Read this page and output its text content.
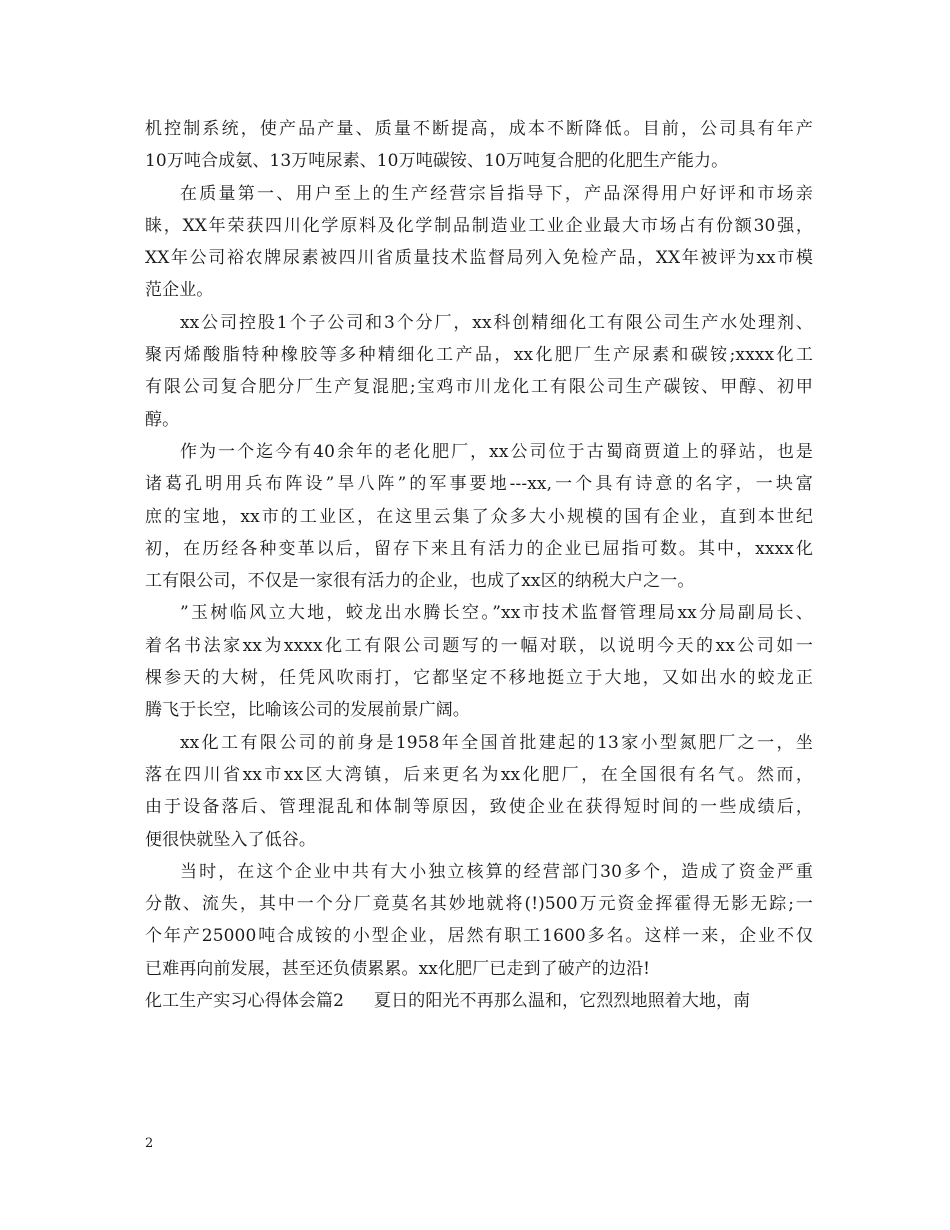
机控制系统，使产品产量、质量不断提高，成本不断降低。目前，公司具有年产
10万吨合成氨、13万吨尿素、10万吨碳铵、10万吨复合肥的化肥生产能力。
在质量第一、用户至上的生产经营宗旨指导下，产品深得用户好评和市场亲
睐，XX年荣获四川化学原料及化学制品制造业工业企业最大市场占有份额30强，
XX年公司裕农牌尿素被四川省质量技术监督局列入免检产品，XX年被评为xx市模
范企业。
xx公司控股1个子公司和3个分厂，xx科创精细化工有限公司生产水处理剂、
聚丙烯酸脂特种橡胶等多种精细化工产品，xx化肥厂生产尿素和碳铵;xxxx化工
有限公司复合肥分厂生产复混肥;宝鸡市川龙化工有限公司生产碳铵、甲醇、初甲
醇。
作为一个迄今有40余年的老化肥厂，xx公司位于古蜀商贾道上的驿站，也是
诸葛孔明用兵布阵设”旱八阵”的军事要地---xx,一个具有诗意的名字，一块富
庶的宝地，xx市的工业区，在这里云集了众多大小规模的国有企业，直到本世纪
初，在历经各种变革以后，留存下来且有活力的企业已屈指可数。其中，xxxx化
工有限公司，不仅是一家很有活力的企业，也成了xx区的纳税大户之一。
”玉树临风立大地，蛟龙出水腾长空。”xx市技术监督管理局xx分局副局长、
着名书法家xx为xxxx化工有限公司题写的一幅对联，以说明今天的xx公司如一
棵参天的大树，任凭风吹雨打，它都坚定不移地挺立于大地，又如出水的蛟龙正
腾飞于长空，比喻该公司的发展前景广阔。
xx化工有限公司的前身是1958年全国首批建起的13家小型氮肥厂之一，坐
落在四川省xx市xx区大湾镇，后来更名为xx化肥厂，在全国很有名气。然而，
由于设备落后、管理混乱和体制等原因，致使企业在获得短时间的一些成绩后，
便很快就坠入了低谷。
当时，在这个企业中共有大小独立核算的经营部门30多个，造成了资金严重
分散、流失，其中一个分厂竟莫名其妙地就将(!)500万元资金挥霍得无影无踪;一
个年产25000吨合成铵的小型企业，居然有职工1600多名。这样一来，企业不仅
已难再向前发展，甚至还负债累累。xx化肥厂已走到了破产的边沿!
化工生产实习心得体会篇2 夏日的阳光不再那么温和，它烈烈地照着大地，南
2
